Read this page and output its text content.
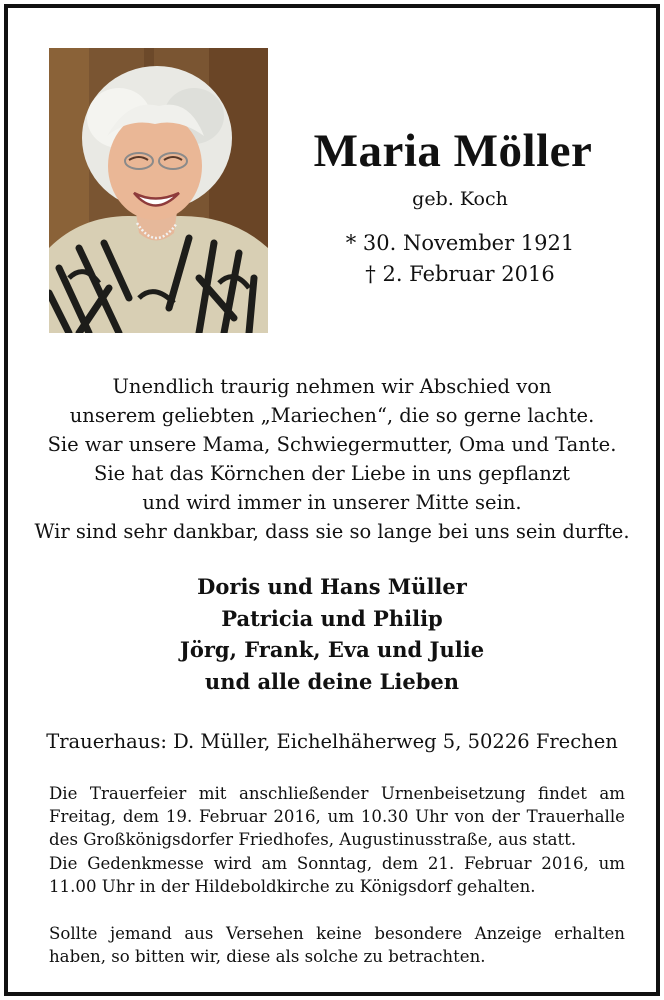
Maria Möller
geb. Koch
* 30. November 1921
† 2. Februar 2016
Unendlich traurig nehmen wir Abschied von
unserem geliebten „Mariechen“, die so gerne lachte.
Sie war unsere Mama, Schwiegermutter, Oma und Tante.
Sie hat das Körnchen der Liebe in uns gepflanzt
und wird immer in unserer Mitte sein.
Wir sind sehr dankbar, dass sie so lange bei uns sein durfte.
Doris und Hans Müller
Patricia und Philip
Jörg, Frank, Eva und Julie
und alle deine Lieben
Trauerhaus: D. Müller, Eichelhäherweg 5, 50226 Frechen
Die Trauerfeier mit anschließender Urnenbeisetzung findet am
Freitag, dem 19. Februar 2016, um 10.30 Uhr von der Trauerhalle
des Großkönigsdorfer Friedhofes, Augustinusstraße, aus statt.
Die Gedenkmesse wird am Sonntag, dem 21. Februar 2016, um
11.00 Uhr in der Hildeboldkirche zu Königsdorf gehalten.
Sollte jemand aus Versehen keine besondere Anzeige erhalten
haben, so bitten wir, diese als solche zu betrachten.
